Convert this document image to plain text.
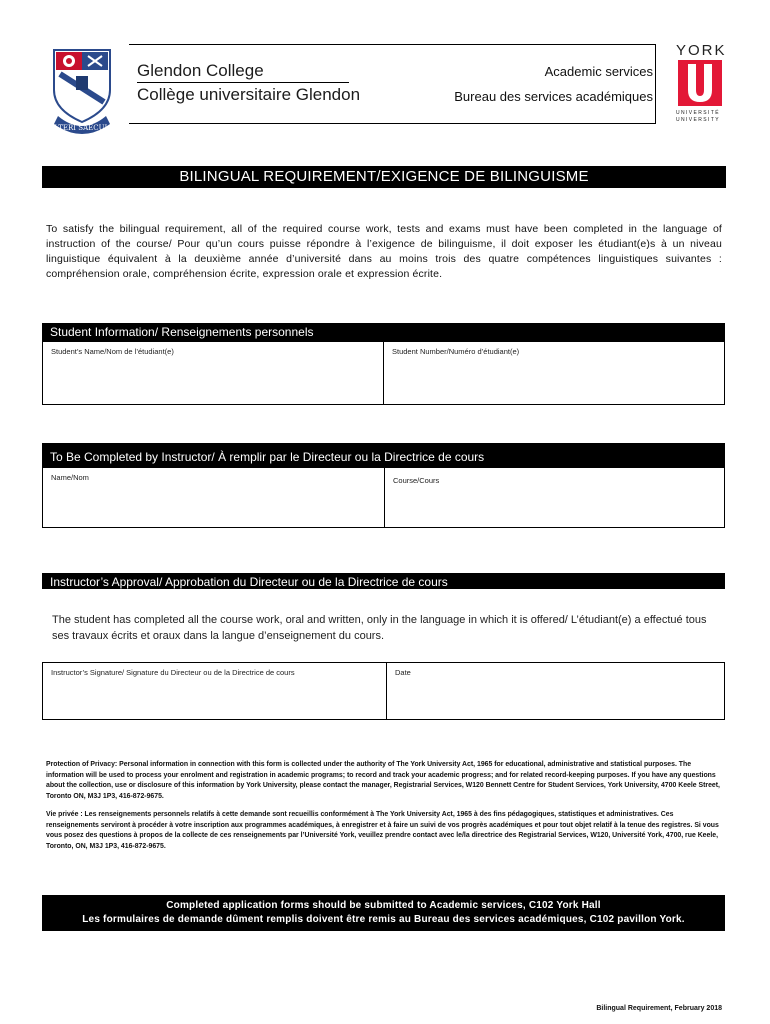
ALTERI SAECULO
Glendon College
Collège universitaire Glendon
Academic services
Bureau des services académiques
YORK
UNIVERSITÉ
UNIVERSITY
BILINGUAL REQUIREMENT/EXIGENCE DE BILINGUISME
To satisfy the bilingual requirement, all of the required course work, tests and exams must have been completed in the language of instruction of the course/ Pour qu’un cours puisse répondre à l’exigence de bilinguisme, il doit exposer les étudiant(e)s à un niveau linguistique équivalent à la deuxième année d’université dans au moins trois des quatre compétences linguistiques suivantes : compréhension orale, compréhension écrite, expression orale et expression écrite.
Student Information/ Renseignements personnels
Student’s Name/Nom de l’étudiant(e)	Student Number/Numéro d’étudiant(e)
To Be Completed by Instructor/ À remplir par le Directeur ou la Directrice de cours
Name/Nom	Course/Cours
Instructor’s Approval/ Approbation du Directeur ou de la Directrice de cours
The student has completed all the course work, oral and written, only in the language in which it is offered/ L’étudiant(e) a effectué tous ses travaux écrits et oraux dans la langue d’enseignement du cours.
Instructor’s Signature/ Signature du Directeur ou de la Directrice de cours	Date
Protection of Privacy: Personal information in connection with this form is collected under the authority of The York University Act, 1965 for educational, administrative and statistical purposes. The information will be used to process your enrolment and registration in academic programs; to record and track your academic progress; and for related record-keeping purposes. If you have any questions about the collection, use or disclosure of this information by York University, please contact the manager, Registrarial Services, W120 Bennett Centre for Student Services, York University, 4700 Keele Street, Toronto ON, M3J 1P3, 416-872-9675.
Vie privée : Les renseignements personnels relatifs à cette demande sont recueillis conformément à The York University Act, 1965 à des fins pédagogiques, statistiques et administratives. Ces renseignements serviront à procéder à votre inscription aux programmes académiques, à enregistrer et à faire un suivi de vos progrès académiques et pour tout objet relatif à la tenue des registres. Si vous vous posez des questions à propos de la collecte de ces renseignements par l’Université York, veuillez prendre contact avec le/la directrice des Registrarial Services, W120, Université York, 4700, rue Keele, Toronto, ON, M3J 1P3, 416-872-9675.
Completed application forms should be submitted to Academic services, C102 York Hall
Les formulaires de demande dûment remplis doivent être remis au Bureau des services académiques, C102 pavillon York.
Bilingual Requirement, February 2018
